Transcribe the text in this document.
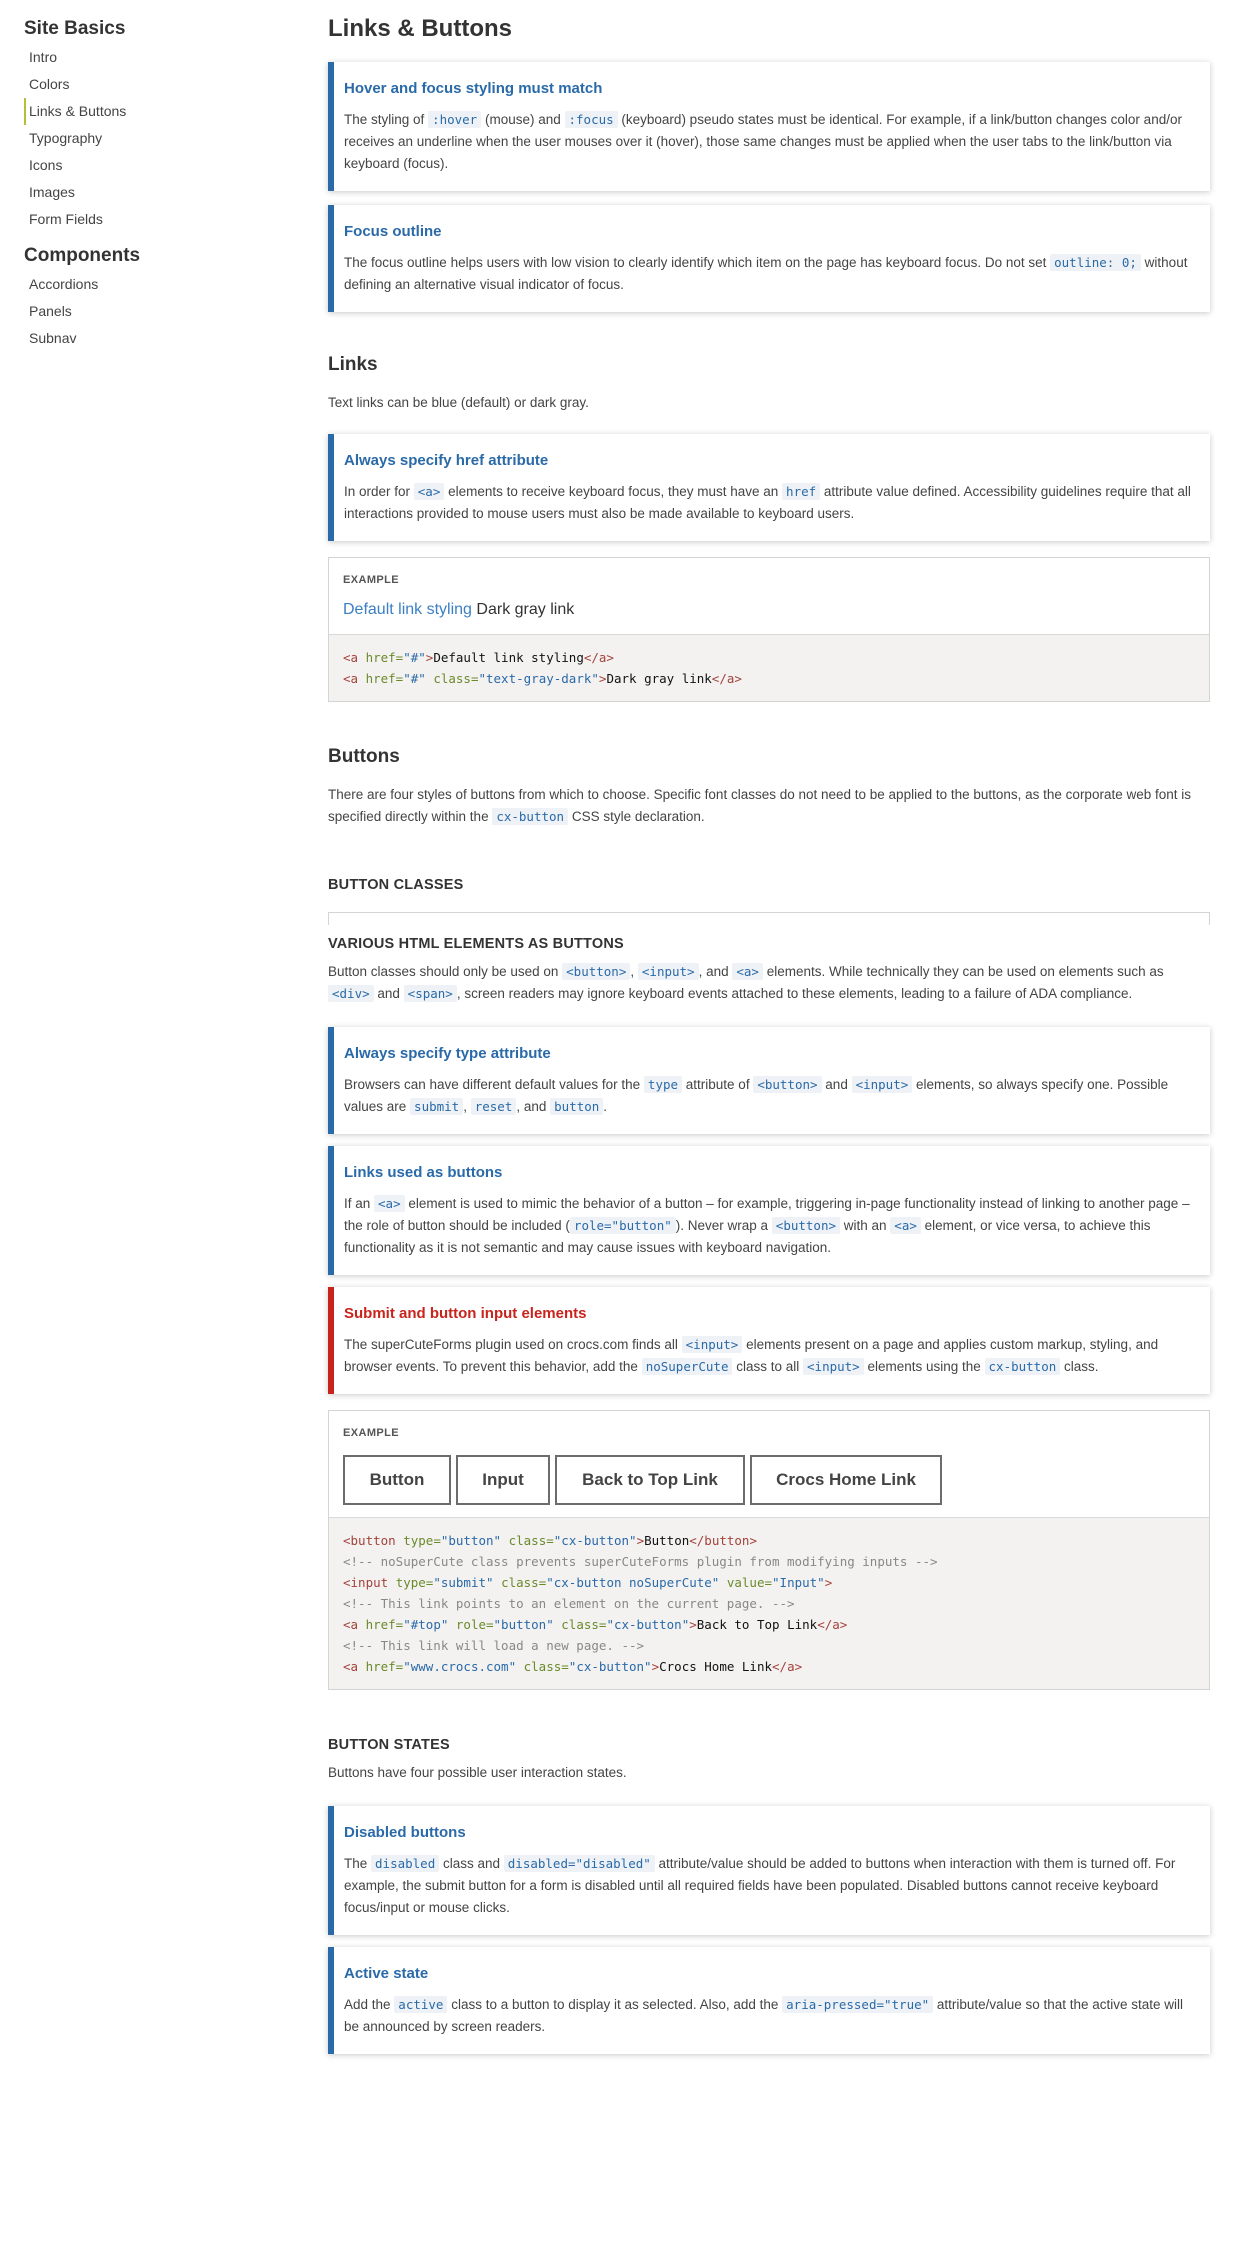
Site Basics
Intro
Colors
Links & Buttons
Typography
Icons
Images
Form Fields
Components
Accordions
Panels
Subnav
Links & Buttons
Hover and focus styling must match
The styling of :hover (mouse) and :focus (keyboard) pseudo states must be identical. For example, if a link/button changes color and/or receives an underline when the user mouses over it (hover), those same changes must be applied when the user tabs to the link/button via keyboard (focus).
Focus outline
The focus outline helps users with low vision to clearly identify which item on the page has keyboard focus. Do not set outline: 0; without defining an alternative visual indicator of focus.
Links

Text links can be blue (default) or dark gray.

Always specify href attribute
In order for <a> elements to receive keyboard focus, they must have an href attribute value defined. Accessibility guidelines require that all interactions provided to mouse users must also be made available to keyboard users.
EXAMPLE
Default link styling Dark gray link
<a href="#">Default link styling</a>
<a href="#" class="text-gray-dark">Dark gray link</a>
Buttons

There are four styles of buttons from which to choose. Specific font classes do not need to be applied to the buttons, as the corporate web font is specified directly within the cx-button CSS style declaration.

BUTTON CLASSES
VARIOUS HTML ELEMENTS AS BUTTONS

Button classes should only be used on <button> , <input> , and <a> elements. While technically they can be used on elements such as <div> and <span> , screen readers may ignore keyboard events attached to these elements, leading to a failure of ADA compliance.

Always specify type attribute
Browsers can have different default values for the type attribute of <button> and <input> elements, so always specify one. Possible values are submit , reset , and button .
Links used as buttons
If an <a> element is used to mimic the behavior of a button – for example, triggering in-page functionality instead of linking to another page – the role of button should be included ( role="button" ). Never wrap a <button> with an <a> element, or vice versa, to achieve this functionality as it is not semantic and may cause issues with keyboard navigation.
Submit and button input elements
The superCuteForms plugin used on crocs.com finds all <input> elements present on a page and applies custom markup, styling, and browser events. To prevent this behavior, add the noSuperCute class to all <input> elements using the cx-button class.
EXAMPLE
Button	Input	Back to Top Link	Crocs Home Link
<button type="button" class="cx-button">Button</button>
<!-- noSuperCute class prevents superCuteForms plugin from modifying inputs -->
<input type="submit" class="cx-button noSuperCute" value="Input">
<!-- This link points to an element on the current page. -->
<a href="#top" role="button" class="cx-button">Back to Top Link</a>
<!-- This link will load a new page. -->
<a href="www.crocs.com" class="cx-button">Crocs Home Link</a>
BUTTON STATES

Buttons have four possible user interaction states.

Disabled buttons
The disabled class and disabled="disabled" attribute/value should be added to buttons when interaction with them is turned off. For example, the submit button for a form is disabled until all required fields have been populated. Disabled buttons cannot receive keyboard focus/input or mouse clicks.
Active state
Add the active class to a button to display it as selected. Also, add the aria-pressed="true" attribute/value so that the active state will be announced by screen readers.
